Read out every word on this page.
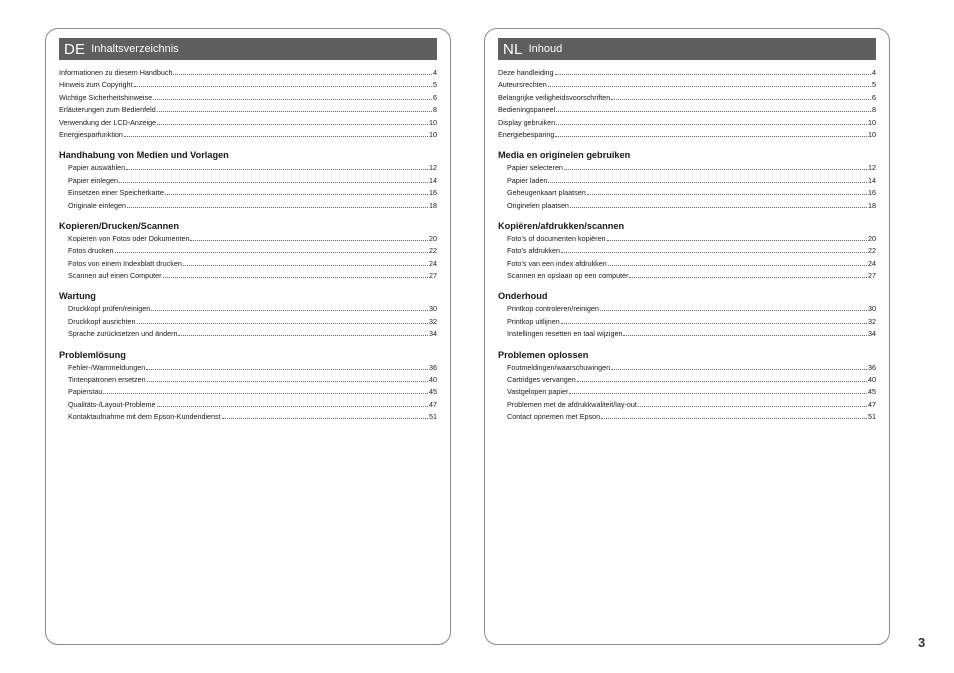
DE Inhaltsverzeichnis
Informationen zu diesem Handbuch	4
Hinweis zum Copyright	5
Wichtige Sicherheitshinweise	6
Erläuterungen zum Bedienfeld	8
Verwendung der LCD-Anzeige	10
Energiesparfunktion	10
Handhabung von Medien und Vorlagen
Papier auswählen	12
Papier einlegen	14
Einsetzen einer Speicherkarte	16
Originale einlegen	18
Kopieren/Drucken/Scannen
Kopieren von Fotos oder Dokumenten	20
Fotos drucken	22
Fotos von einem Indexblatt drucken	24
Scannen auf einen Computer	27
Wartung
Druckkopf prüfen/reinigen	30
Druckkopf ausrichten	32
Sprache zurücksetzen und ändern	34
Problemlösung
Fehler-/Warnmeldungen	36
Tintenpatronen ersetzen	40
Papierstau	45
Qualitäts-/Layout-Probleme	47
Kontaktaufnahme mit dem Epson-Kundendienst	51
NL Inhoud
Deze handleiding	4
Auteursrechten	5
Belangrijke veiligheidsvoorschriften	6
Bedieningspaneel	8
Display gebruiken	10
Energiebesparing	10
Media en originelen gebruiken
Papier selecteren	12
Papier laden	14
Geheugenkaart plaatsen	16
Originelen plaatsen	18
Kopiëren/afdrukken/scannen
Foto’s of documenten kopiëren	20
Foto’s afdrukken	22
Foto’s van een index afdrukken	24
Scannen en opslaan op een computer	27
Onderhoud
Printkop controleren/reinigen	30
Printkop uitlijnen	32
Instellingen resetten en taal wijzigen	34
Problemen oplossen
Foutmeldingen/waarschuwingen	36
Cartridges vervangen	40
Vastgelopen papier	45
Problemen met de afdrukkwaliteit/lay-out	47
Contact opnemen met Epson	51
3
